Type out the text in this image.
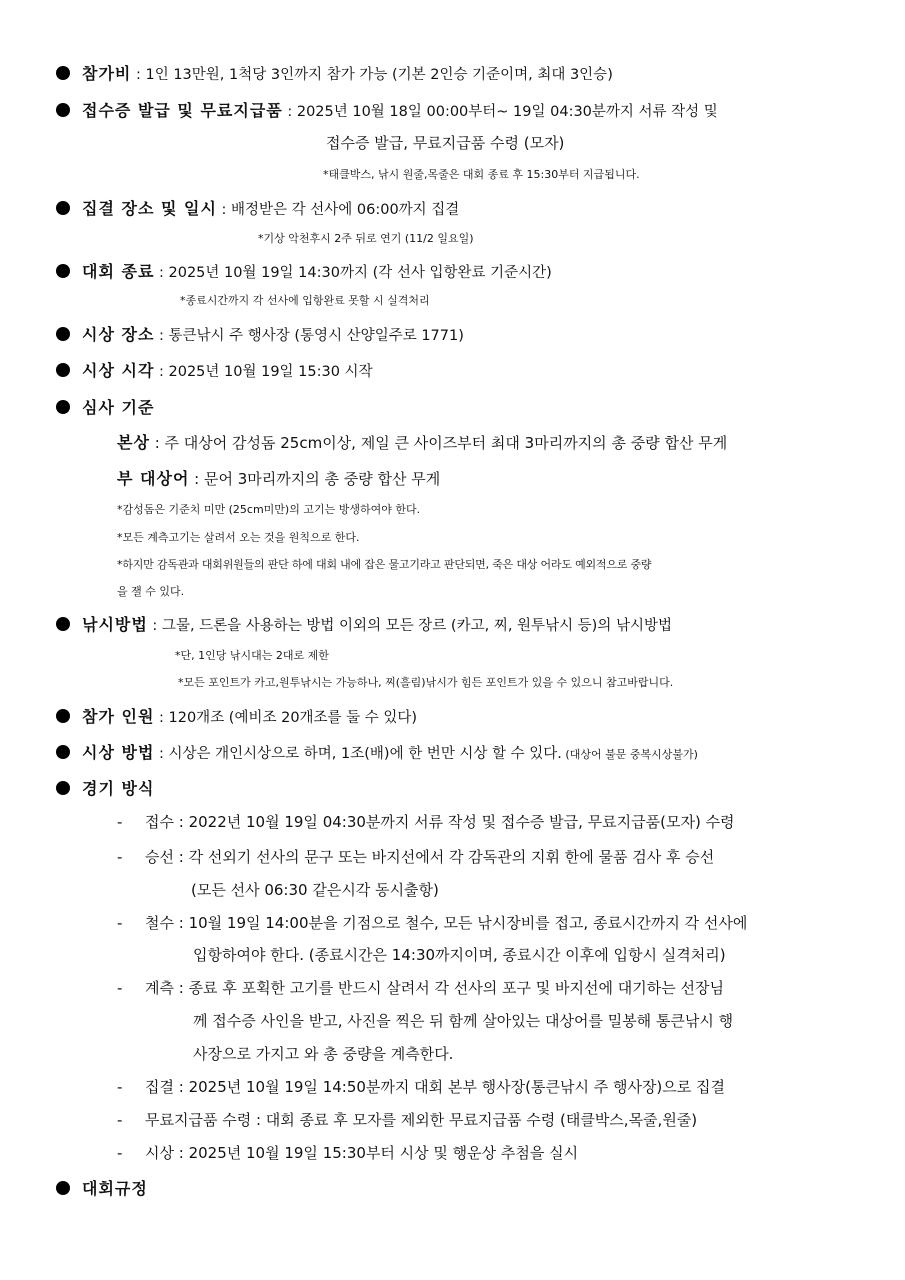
참가비 : 1인 13만원, 1척당 3인까지 참가 가능 (기본 2인승 기준이며, 최대 3인승)
접수증 발급 및 무료지급품 : 2025년 10월 18일 00:00부터~ 19일 04:30분까지 서류 작성 및
접수증 발급, 무료지급품 수령 (모자)
*태클박스, 낚시 원줄,목줄은 대회 종료 후 15:30부터 지급됩니다.
집결 장소 및 일시 : 배정받은 각 선사에 06:00까지 집결
*기상 악천후시 2주 뒤로 연기 (11/2 일요일)
대회 종료 : 2025년 10월 19일 14:30까지 (각 선사 입항완료 기준시간)
*종료시간까지 각 선사에 입항완료 못할 시 실격처리
시상 장소 : 통큰낚시 주 행사장 (통영시 산양일주로 1771)
시상 시각 : 2025년 10월 19일 15:30 시작
심사 기준
본상 : 주 대상어 감성돔 25cm이상, 제일 큰 사이즈부터 최대 3마리까지의 총 중량 합산 무게
부 대상어 : 문어 3마리까지의 총 중량 합산 무게
*감성돔은 기준치 미만 (25cm미만)의 고기는 방생하여야 한다.
*모든 계측고기는 살려서 오는 것을 원칙으로 한다.
*하지만 감독관과 대회위원들의 판단 하에 대회 내에 잡은 물고기라고 판단되면, 죽은 대상 어라도 예외적으로 중량
을 잴 수 있다.
낚시방법 : 그물, 드론을 사용하는 방법 이외의 모든 장르 (카고, 찌, 원투낚시 등)의 낚시방법
*단, 1인당 낚시대는 2대로 제한
*모든 포인트가 카고,원투낚시는 가능하나, 찌(흘림)낚시가 힘든 포인트가 있을 수 있으니 참고바랍니다.
참가 인원 : 120개조 (예비조 20개조를 둘 수 있다)
시상 방법 : 시상은 개인시상으로 하며, 1조(배)에 한 번만 시상 할 수 있다. (대상어 불문 중복시상불가)
경기 방식
- 접수 : 2022년 10월 19일 04:30분까지 서류 작성 및 접수증 발급, 무료지급품(모자) 수령
- 승선 : 각 선외기 선사의 문구 또는 바지선에서 각 감독관의 지휘 한에 물품 검사 후 승선
(모든 선사 06:30 같은시각 동시출항)
- 철수 : 10월 19일 14:00분을 기점으로 철수, 모든 낚시장비를 접고, 종료시간까지 각 선사에
입항하여야 한다. (종료시간은 14:30까지이며, 종료시간 이후에 입항시 실격처리)
- 계측 : 종료 후 포획한 고기를 반드시 살려서 각 선사의 포구 및 바지선에 대기하는 선장님
께 접수증 사인을 받고, 사진을 찍은 뒤 함께 살아있는 대상어를 밀봉해 통큰낚시 행
사장으로 가지고 와 총 중량을 계측한다.
- 집결 : 2025년 10월 19일 14:50분까지 대회 본부 행사장(통큰낚시 주 행사장)으로 집결
- 무료지급품 수령 : 대회 종료 후 모자를 제외한 무료지급품 수령 (태클박스,목줄,원줄)
- 시상 : 2025년 10월 19일 15:30부터 시상 및 행운상 추첨을 실시
대회규정
